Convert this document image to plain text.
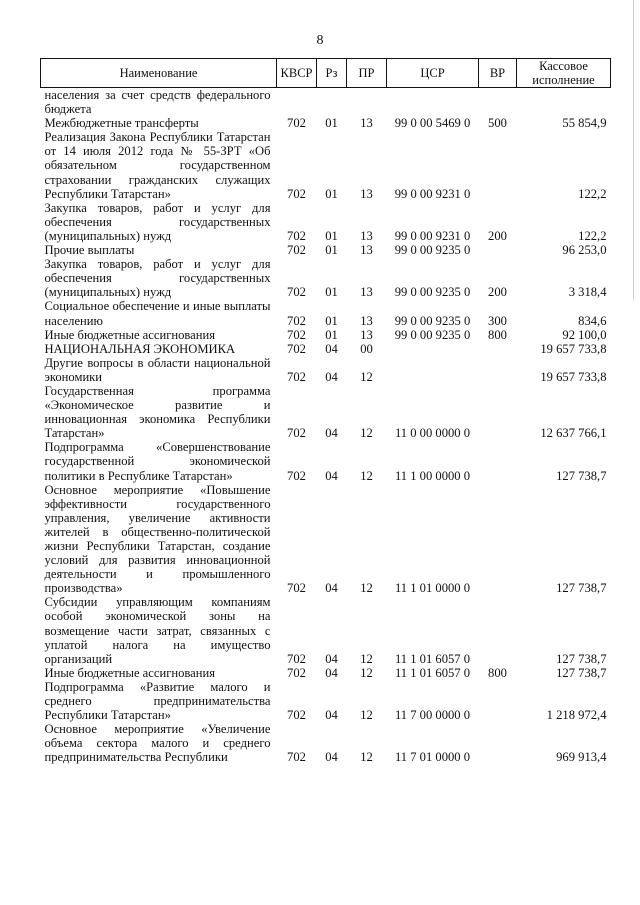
8
Наименование	КВСР	Рз	ПР	ЦСР	ВР	Кассовое исполнение
населения за счет средств федерального бюджета						
Межбюджетные трансферты	702	01	13	99 0 00 5469 0	500	55 854,9
Реализация Закона Республики Татарстан от 14 июля 2012 года № 55-ЗРТ «Об обязательном государственном страховании гражданских служащих Республики Татарстан»	702	01	13	99 0 00 9231 0		122,2
Закупка товаров, работ и услуг для обеспечения государственных (муниципальных) нужд	702	01	13	99 0 00 9231 0	200	122,2
Прочие выплаты	702	01	13	99 0 00 9235 0		96 253,0
Закупка товаров, работ и услуг для обеспечения государственных (муниципальных) нужд	702	01	13	99 0 00 9235 0	200	3 318,4
Социальное обеспечение и иные выплаты населению	702	01	13	99 0 00 9235 0	300	834,6
Иные бюджетные ассигнования	702	01	13	99 0 00 9235 0	800	92 100,0
НАЦИОНАЛЬНАЯ ЭКОНОМИКА	702	04	00			19 657 733,8
Другие вопросы в области национальной экономики	702	04	12			19 657 733,8
Государственная программа «Экономическое развитие и инновационная экономика Республики Татарстан»	702	04	12	11 0 00 0000 0		12 637 766,1
Подпрограмма «Совершенствование государственной экономической политики в Республике Татарстан»	702	04	12	11 1 00 0000 0		127 738,7
Основное мероприятие «Повышение эффективности государственного управления, увеличение активности жителей в общественно-политической жизни Республики Татарстан, создание условий для развития инновационной деятельности и промышленного производства»	702	04	12	11 1 01 0000 0		127 738,7
Субсидии управляющим компаниям особой экономической зоны на возмещение части затрат, связанных с уплатой налога на имущество организаций	702	04	12	11 1 01 6057 0		127 738,7
Иные бюджетные ассигнования	702	04	12	11 1 01 6057 0	800	127 738,7
Подпрограмма «Развитие малого и среднего предпринимательства Республики Татарстан»	702	04	12	11 7 00 0000 0		1 218 972,4
Основное мероприятие «Увеличение объема сектора малого и среднего предпринимательства Республики	702	04	12	11 7 01 0000 0		969 913,4
